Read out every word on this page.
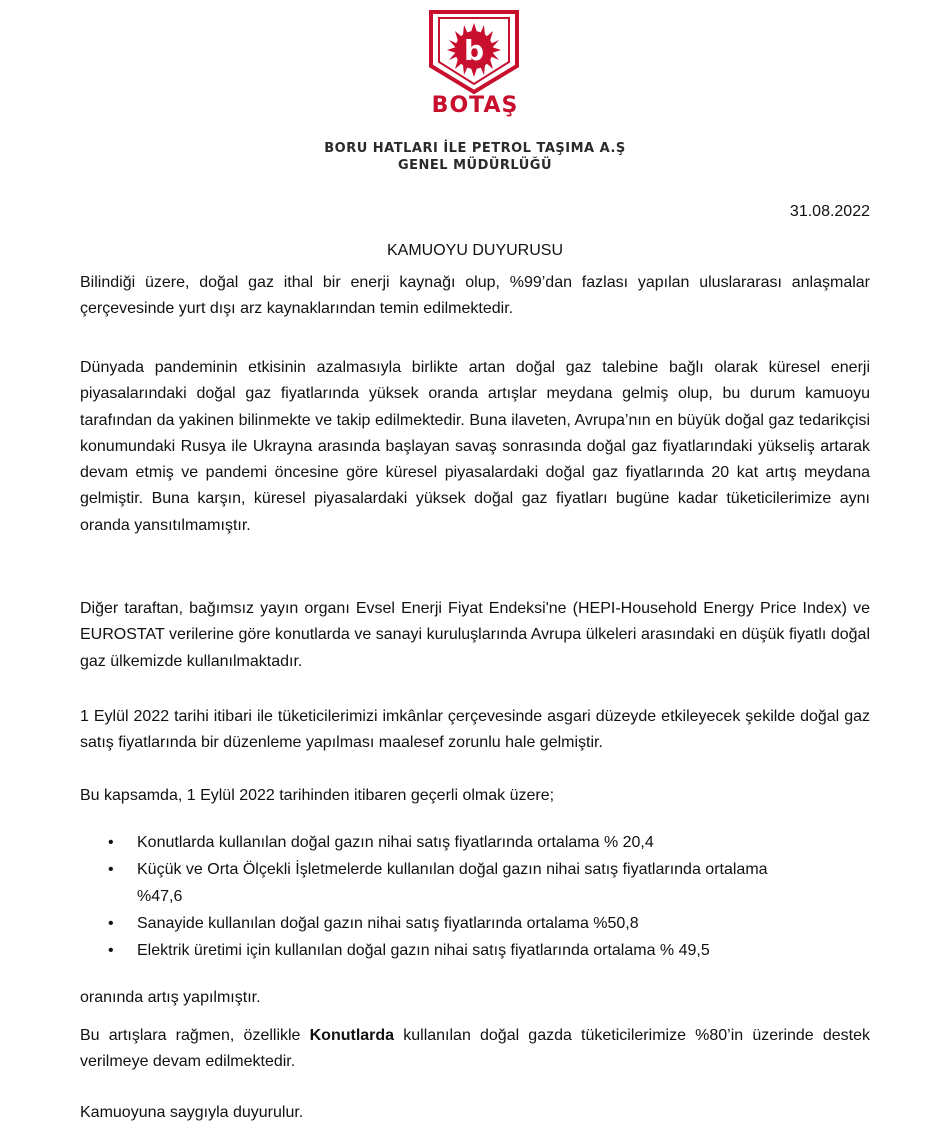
b
BOTAŞ
BORU HATLARI İLE PETROL TAŞIMA A.Ş
GENEL MÜDÜRLÜĞÜ
31.08.2022
KAMUOYU DUYURUSU

Bilindiği üzere, doğal gaz ithal bir enerji kaynağı olup, %99’dan fazlası yapılan uluslararası anlaşmalar çerçevesinde yurt dışı arz kaynaklarından temin edilmektedir.

Dünyada pandeminin etkisinin azalmasıyla birlikte artan doğal gaz talebine bağlı olarak küresel enerji piyasalarındaki doğal gaz fiyatlarında yüksek oranda artışlar meydana gelmiş olup, bu durum kamuoyu tarafından da yakinen bilinmekte ve takip edilmektedir. Buna ilaveten, Avrupa’nın en büyük doğal gaz tedarikçisi konumundaki Rusya ile Ukrayna arasında başlayan savaş sonrasında doğal gaz fiyatlarındaki yükseliş artarak devam etmiş ve pandemi öncesine göre küresel piyasalardaki doğal gaz fiyatlarında 20 kat artış meydana gelmiştir. Buna karşın, küresel piyasalardaki yüksek doğal gaz fiyatları bugüne kadar tüketicilerimize aynı oranda yansıtılmamıştır.

Diğer taraftan, bağımsız yayın organı Evsel Enerji Fiyat Endeksi'ne (HEPI-Household Energy Price Index) ve EUROSTAT verilerine göre konutlarda ve sanayi kuruluşlarında Avrupa ülkeleri arasındaki en düşük fiyatlı doğal gaz ülkemizde kullanılmaktadır.

1 Eylül 2022 tarihi itibari ile tüketicilerimizi imkânlar çerçevesinde asgari düzeyde etkileyecek şekilde doğal gaz satış fiyatlarında bir düzenleme yapılması maalesef zorunlu hale gelmiştir.

Bu kapsamda, 1 Eylül 2022 tarihinden itibaren geçerli olmak üzere;

•	Konutlarda kullanılan doğal gazın nihai satış fiyatlarında ortalama % 20,4
•	Küçük ve Orta Ölçekli İşletmelerde kullanılan doğal gazın nihai satış fiyatlarında ortalama %47,6
•	Sanayide kullanılan doğal gazın nihai satış fiyatlarında ortalama %50,8
•	Elektrik üretimi için kullanılan doğal gazın nihai satış fiyatlarında ortalama % 49,5

oranında artış yapılmıştır.

Bu artışlara rağmen, özellikle Konutlarda kullanılan doğal gazda tüketicilerimize %80’in üzerinde destek verilmeye devam edilmektedir.

Kamuoyuna saygıyla duyurulur.
